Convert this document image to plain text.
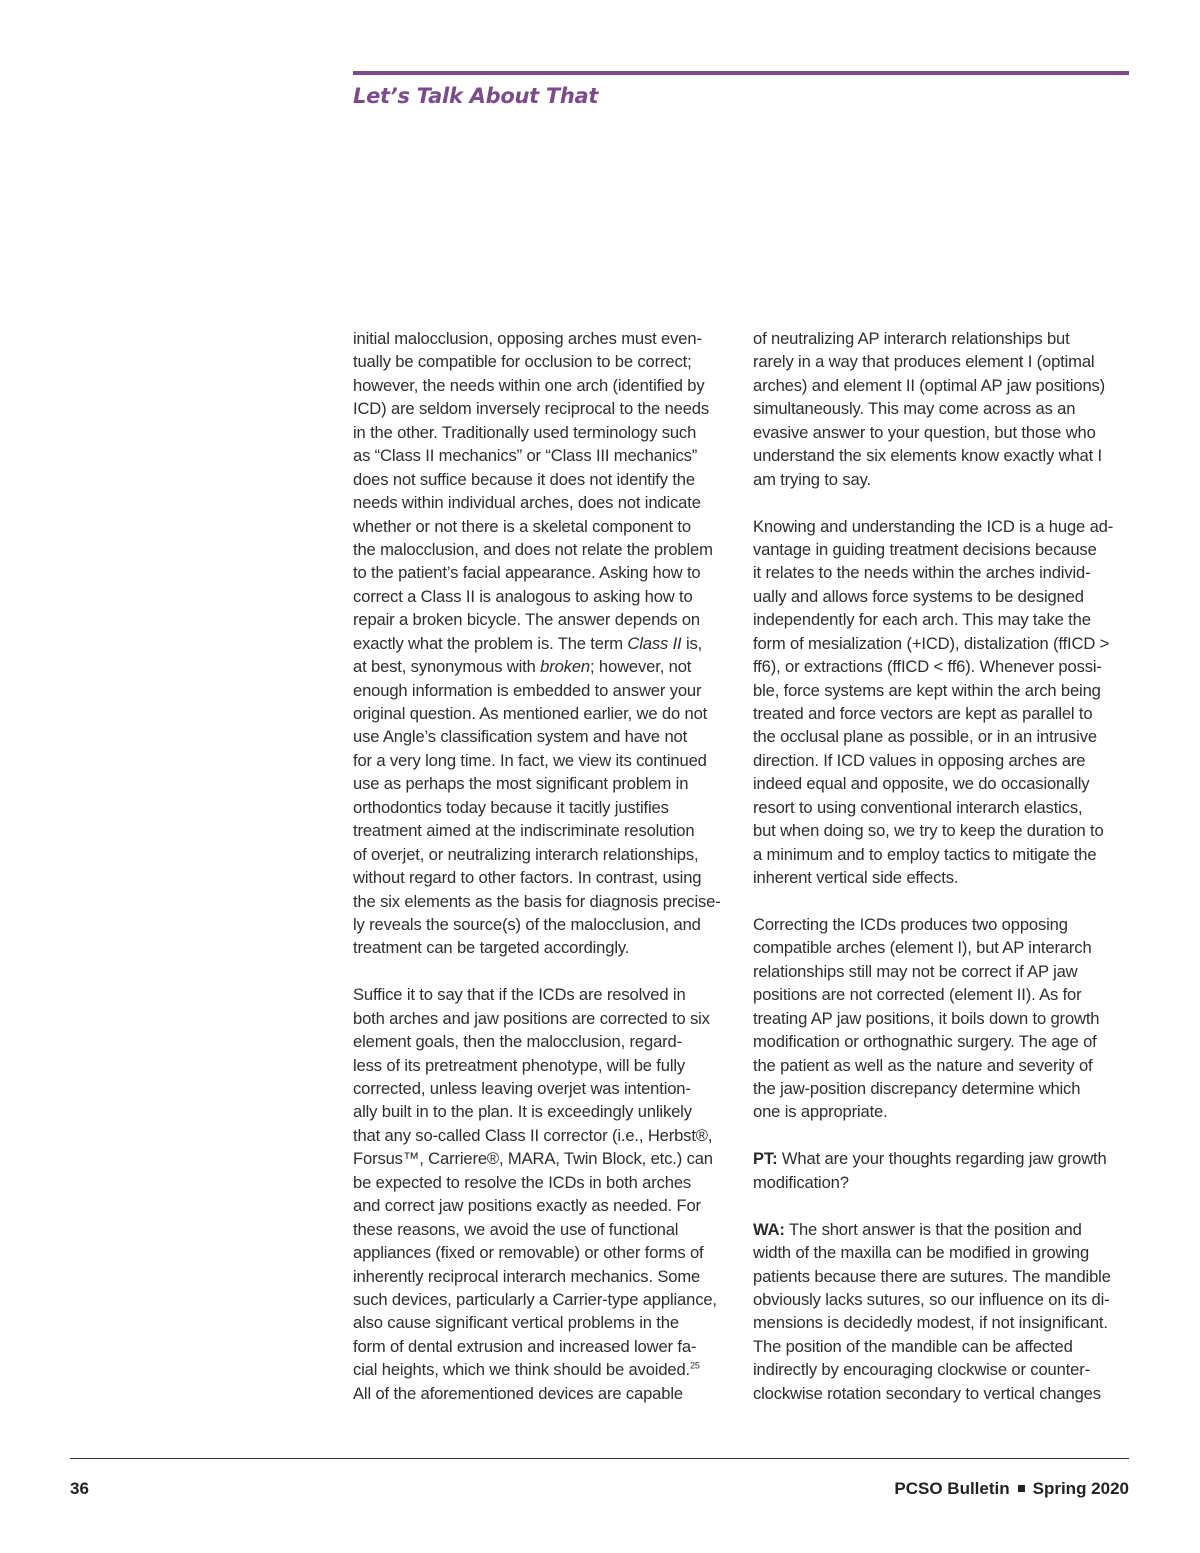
Let’s Talk About That
initial malocclusion, opposing arches must even-
tually be compatible for occlusion to be correct;
however, the needs within one arch (identified by
ICD) are seldom inversely reciprocal to the needs
in the other. Traditionally used terminology such
as “Class II mechanics” or “Class III mechanics”
does not suffice because it does not identify the
needs within individual arches, does not indicate
whether or not there is a skeletal component to
the malocclusion, and does not relate the problem
to the patient’s facial appearance. Asking how to
correct a Class II is analogous to asking how to
repair a broken bicycle. The answer depends on
exactly what the problem is. The term Class II is,
at best, synonymous with broken; however, not
enough information is embedded to answer your
original question. As mentioned earlier, we do not
use Angle’s classification system and have not
for a very long time. In fact, we view its continued
use as perhaps the most significant problem in
orthodontics today because it tacitly justifies
treatment aimed at the indiscriminate resolution
of overjet, or neutralizing interarch relationships,
without regard to other factors. In contrast, using
the six elements as the basis for diagnosis precise-
ly reveals the source(s) of the malocclusion, and
treatment can be targeted accordingly.
Suffice it to say that if the ICDs are resolved in
both arches and jaw positions are corrected to six
element goals, then the malocclusion, regard-
less of its pretreatment phenotype, will be fully
corrected, unless leaving overjet was intention-
ally built in to the plan. It is exceedingly unlikely
that any so-called Class II corrector (i.e., Herbst®,
Forsus™, Carriere®, MARA, Twin Block, etc.) can
be expected to resolve the ICDs in both arches
and correct jaw positions exactly as needed. For
these reasons, we avoid the use of functional
appliances (fixed or removable) or other forms of
inherently reciprocal interarch mechanics. Some
such devices, particularly a Carrier-type appliance,
also cause significant vertical problems in the
form of dental extrusion and increased lower fa-
cial heights, which we think should be avoided.$^{25}$
All of the aforementioned devices are capable
of neutralizing AP interarch relationships but
rarely in a way that produces element I (optimal
arches) and element II (optimal AP jaw positions)
simultaneously. This may come across as an
evasive answer to your question, but those who
understand the six elements know exactly what I
am trying to say.
Knowing and understanding the ICD is a huge ad-
vantage in guiding treatment decisions because
it relates to the needs within the arches individ-
ually and allows force systems to be designed
independently for each arch. This may take the
form of mesialization (+ICD), distalization (ffICD >
ff6), or extractions (ffICD < ff6). Whenever possi-
ble, force systems are kept within the arch being
treated and force vectors are kept as parallel to
the occlusal plane as possible, or in an intrusive
direction. If ICD values in opposing arches are
indeed equal and opposite, we do occasionally
resort to using conventional interarch elastics,
but when doing so, we try to keep the duration to
a minimum and to employ tactics to mitigate the
inherent vertical side effects.
Correcting the ICDs produces two opposing
compatible arches (element I), but AP interarch
relationships still may not be correct if AP jaw
positions are not corrected (element II). As for
treating AP jaw positions, it boils down to growth
modification or orthognathic surgery. The age of
the patient as well as the nature and severity of
the jaw-position discrepancy determine which
one is appropriate.
PT: What are your thoughts regarding jaw growth
modification?
WA: The short answer is that the position and
width of the maxilla can be modified in growing
patients because there are sutures. The mandible
obviously lacks sutures, so our influence on its di-
mensions is decidedly modest, if not insignificant.
The position of the mandible can be affected
indirectly by encouraging clockwise or counter-
clockwise rotation secondary to vertical changes
36	PCSO Bulletin Spring 2020
